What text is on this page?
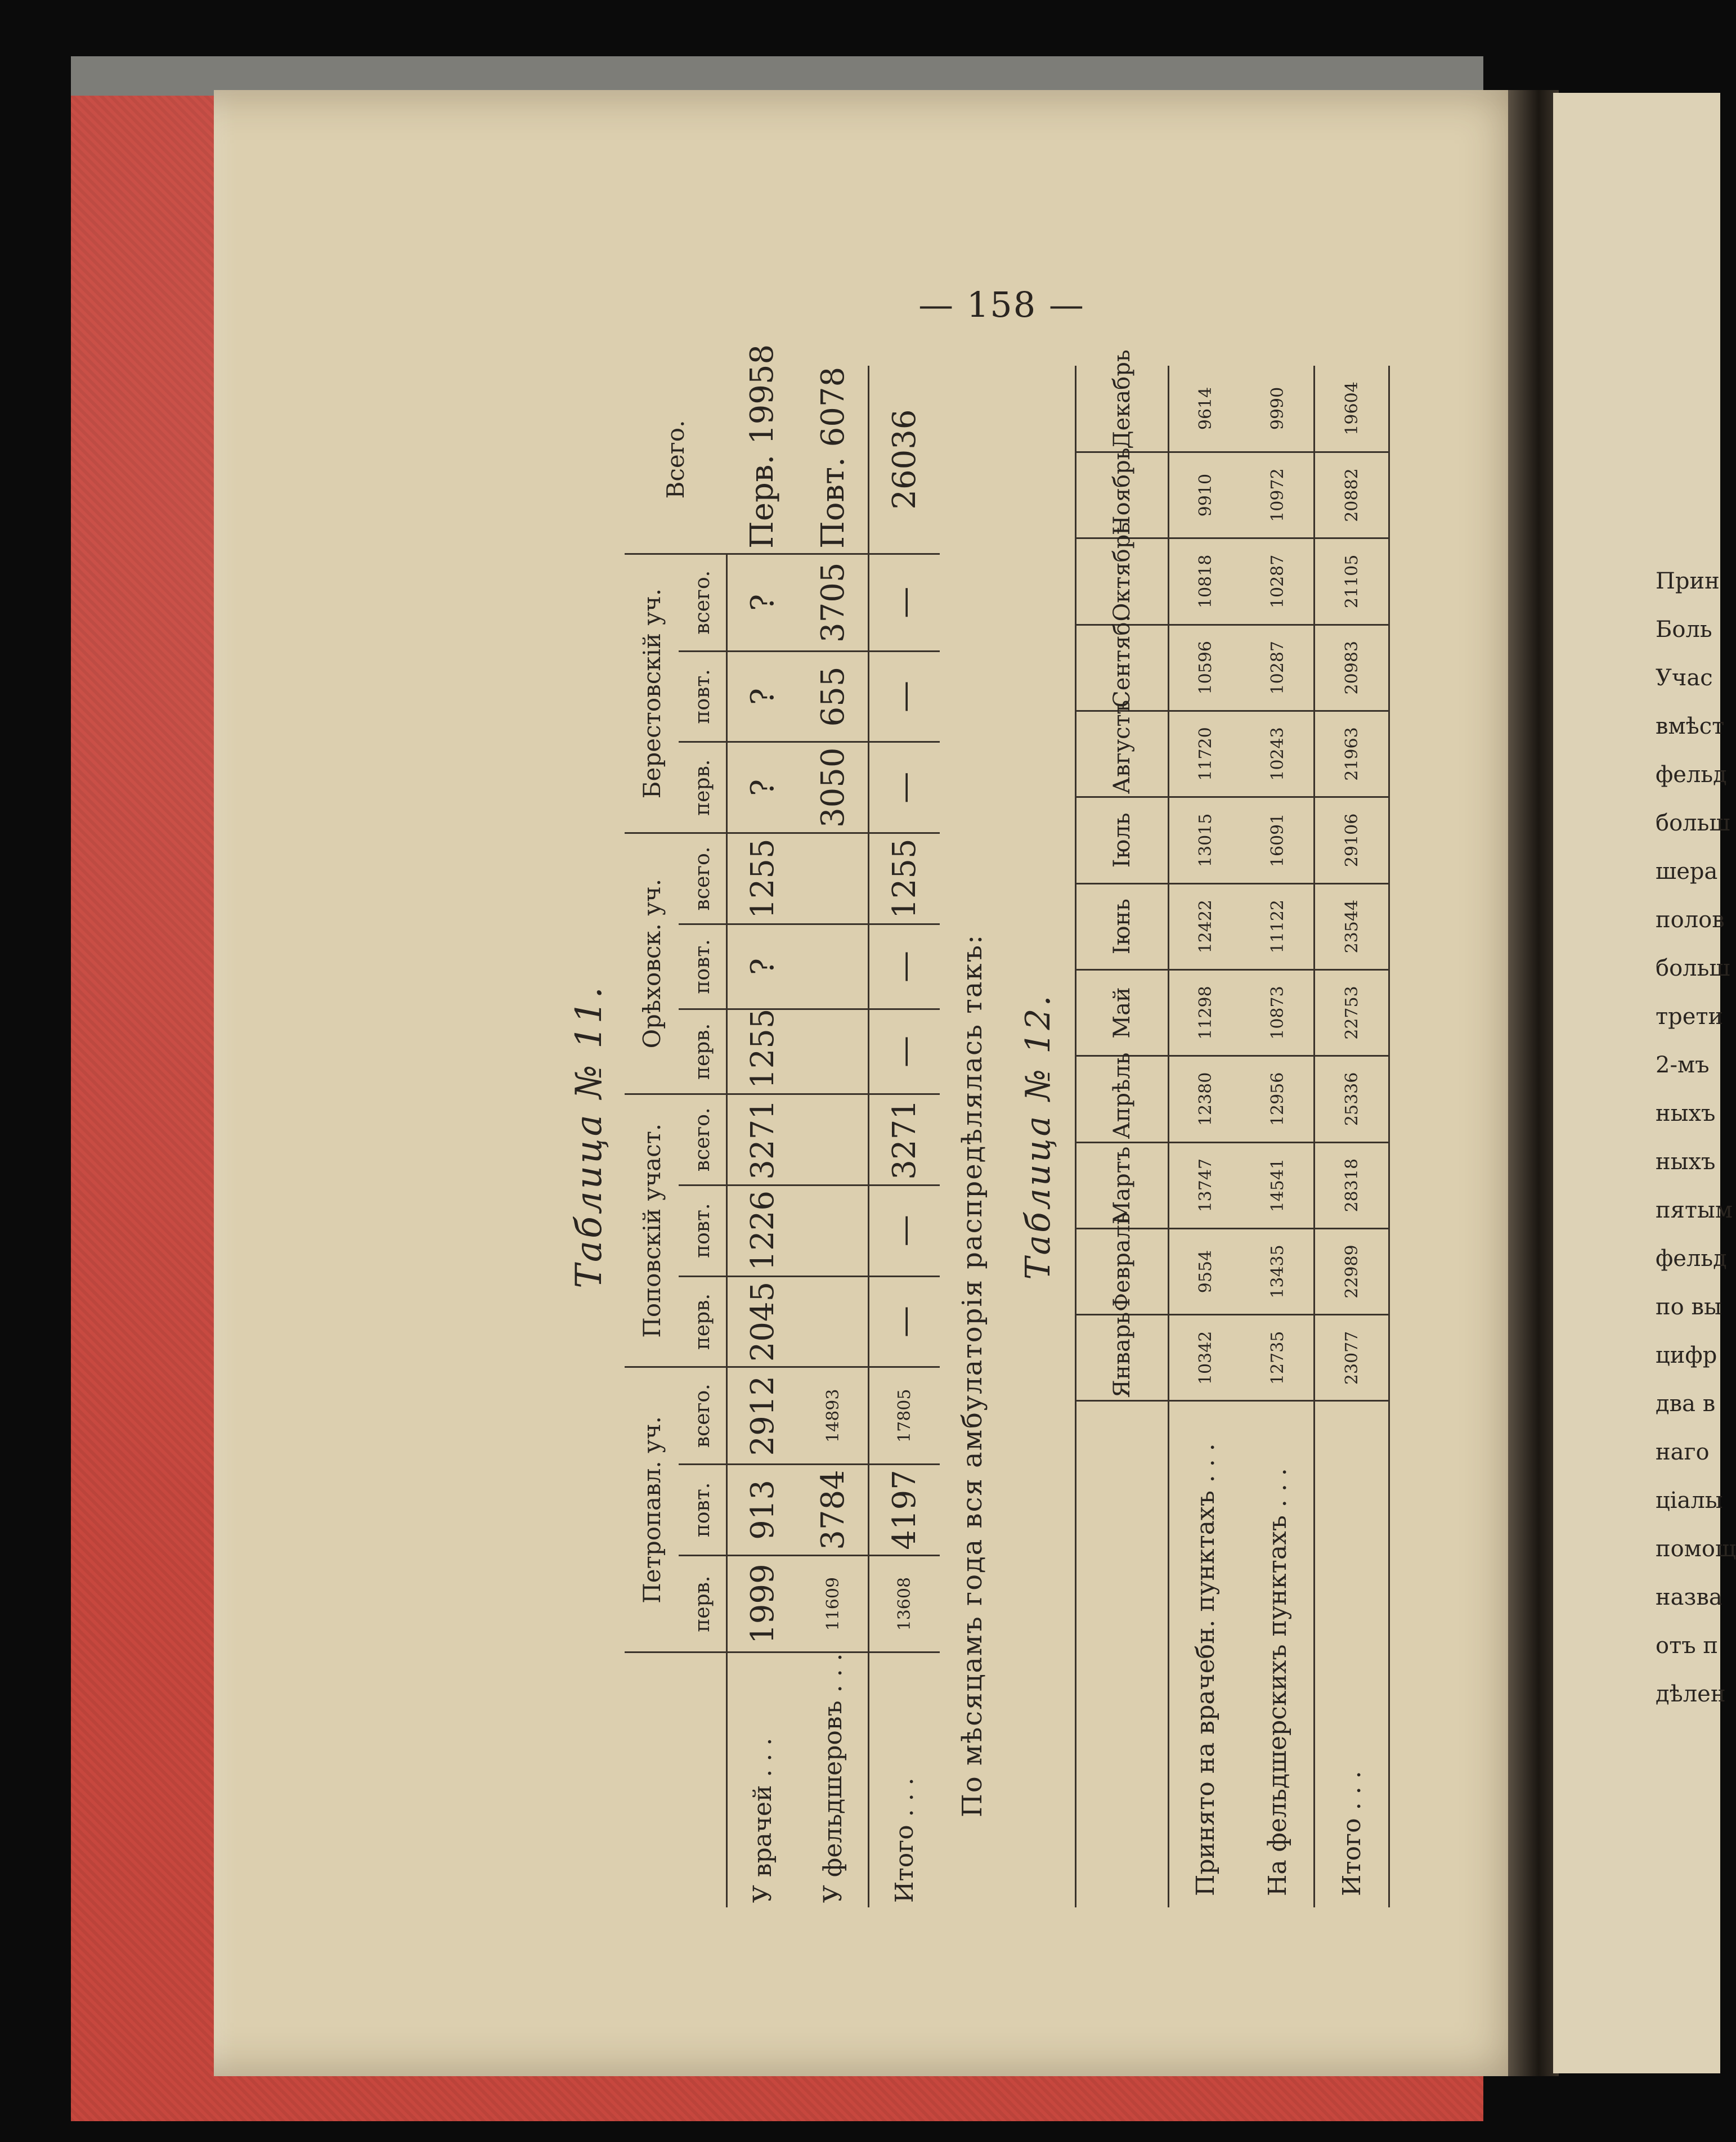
— 158 —
Таблица № 11.
	Петропавл. уч.			Поповскій участ.			Орѣховск. уч.			Берестовскій уч.			Всего.
	перв.	повт.	всего.	перв.	повт.	всего.	перв.	повт.	всего.	перв.	повт.	всего.	
У врачей . . .	1999	913	2912	2045	1226	3271	1255	?	1255	?	?	?	Перв. 19958
У фельдшеровъ . . .	11609	3784	14893							3050	655	3705	Повт. 6078
Итого . . .	13608	4197	17805	—	—	3271	—	—	1255	—	—	—	26036
По мѣсяцамъ года вся амбулаторія распредѣлялась такъ: Таблица № 12.
	Январь	Февраль	Мартъ	Апрѣль	Май	Іюнь	Іюль	Августъ	Сентяб.	Октябрь	Ноябрь	Декабрь
Принято на врачебн. пунктахъ . . .	10342	9554	13747	12380	11298	12422	13015	11720	10596	10818	9910	9614
На фельдшерскихъ пунктахъ . . .	12735	13435	14541	12956	10873	11122	16091	10243	10287	10287	10972	9990
Итого . . .	23077	22989	28318	25336	22753	23544	29106	21963	20983	21105	20882	19604
Прин
Боль
Учас
вмѣст
фельд
больш
шера
полов
больш
трети
2-мъ
ныхъ
ныхъ
пятым
фельд
по вы
цифр
два в
наго
ціалы
помощ
назва
отъ п
дѣлен
